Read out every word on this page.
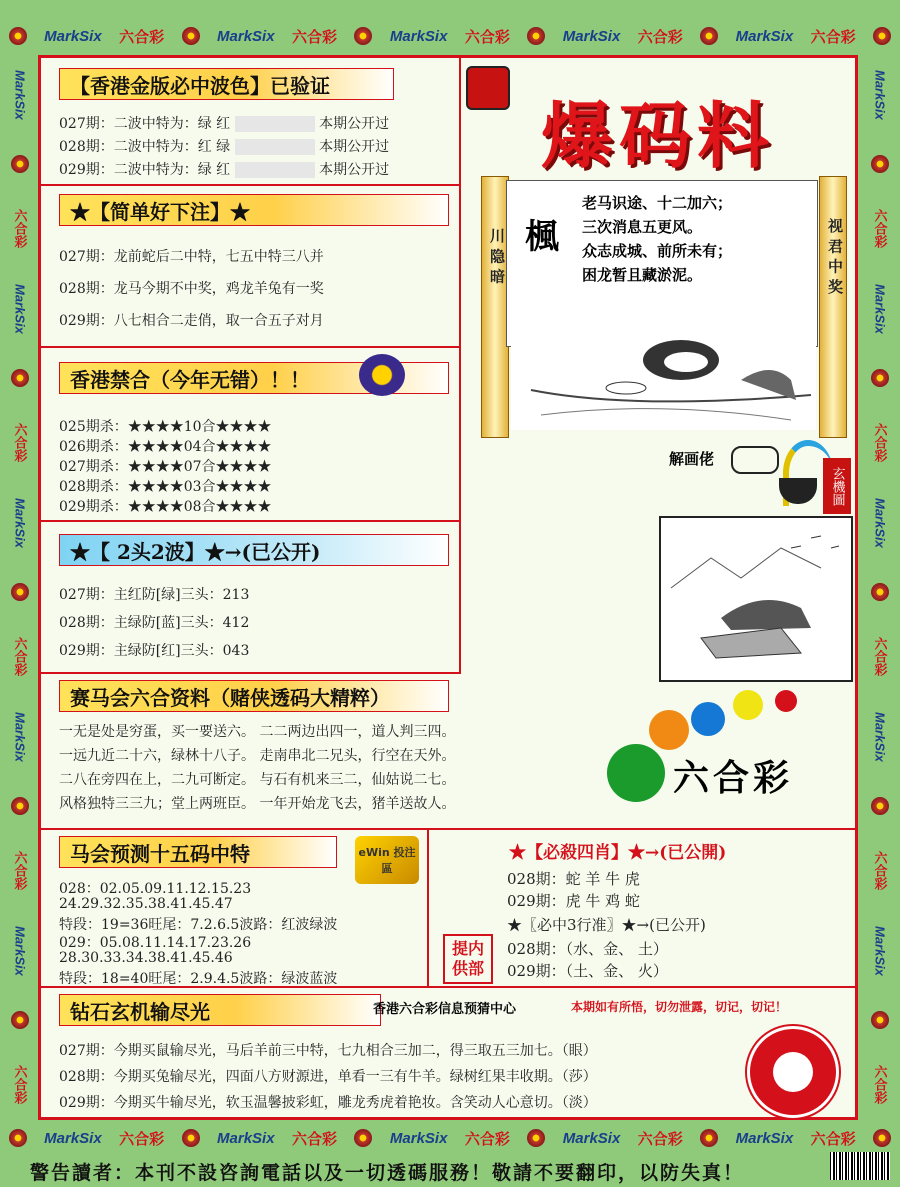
MarkSix 六合彩	MarkSix 六合彩	MarkSix 六合彩	MarkSix 六合彩	MarkSix 六合彩
MarkSix 六合彩	MarkSix 六合彩	MarkSix 六合彩	MarkSix 六合彩	MarkSix 六合彩
MarkSix
六合彩
MarkSix
六合彩
MarkSix
六合彩
MarkSix
六合彩
MarkSix
六合彩
MarkSix
六合彩
MarkSix
六合彩
MarkSix
六合彩
MarkSix
六合彩
MarkSix
六合彩
【香港金版必中波色】已验证
027期：二波中特为：绿 红	本期公开过
028期：二波中特为：红 绿	本期公开过
029期：二波中特为：绿 红	本期公开过
★【简单好下注】★
027期：龙前蛇后二中特，七五中特三八并
028期：龙马今期不中奖，鸡龙羊兔有一奖
029期：八七相合二走俏，取一合五子对月
香港禁合（今年无错）！！
025期杀：★★★★10合★★★★
026期杀：★★★★04合★★★★
027期杀：★★★★07合★★★★
028期杀：★★★★03合★★★★
029期杀：★★★★08合★★★★
★【 2头2波】★→(已公开)
027期：主红防[绿]三头：213
028期：主绿防[蓝]三头：412
029期：主绿防[红]三头：043
爆码料
川 隐 暗	视 君 中 奖
楓
老马识途、十二加六；
三次消息五更风。
众志成城、前所未有；
困龙暂且藏淤泥。
解画佬
玄機圖
赛马会六合资料（赌侠透码大精粹）
一无是处是穷蛋，买一要送六。 二二两边出四一，道人判三四。
一远九近二十六，绿林十八子。 走南串北二兄头，行空在天外。
二八在旁四在上，二九可断定。 与石有机来三二，仙姑说二七。
风格独特三三九；堂上两班臣。 一年开始龙飞去，猪羊送故人。
六合彩
马会预测十五码中特	eWin 投注區
028：02.05.09.11.12.15.23
24.29.32.35.38.41.45.47
特段：19=36旺尾：7.2.6.5波路：红波绿波
029：05.08.11.14.17.23.26
28.30.33.34.38.41.45.46
特段：18=40旺尾：2.9.4.5波路：绿波蓝波
★【必殺四肖】★→(已公開)
028期：蛇 羊 牛 虎
029期：虎 牛 鸡 蛇
★〖必中3行准〗★→(已公开)
028期：（水、金、 土）
029期：（土、金、 火）
提内供部
钻石玄机输尽光	香港六合彩信息预猜中心	本期如有所悟，切勿泄露，切记，切记！
027期：今期买鼠输尽光，马后羊前三中特，七九相合三加二，得三取五三加七。（眼）
028期：今期买兔输尽光，四面八方财源进，单看一三有牛羊。绿树红果丰收期。（莎）
029期：今期买牛输尽光，软玉温馨披彩虹，雕龙秀虎着艳妆。含笑动人心意切。（淡）
警告讀者：本刊不設咨詢電話以及一切透碼服務！敬請不要翻印，以防失真！
